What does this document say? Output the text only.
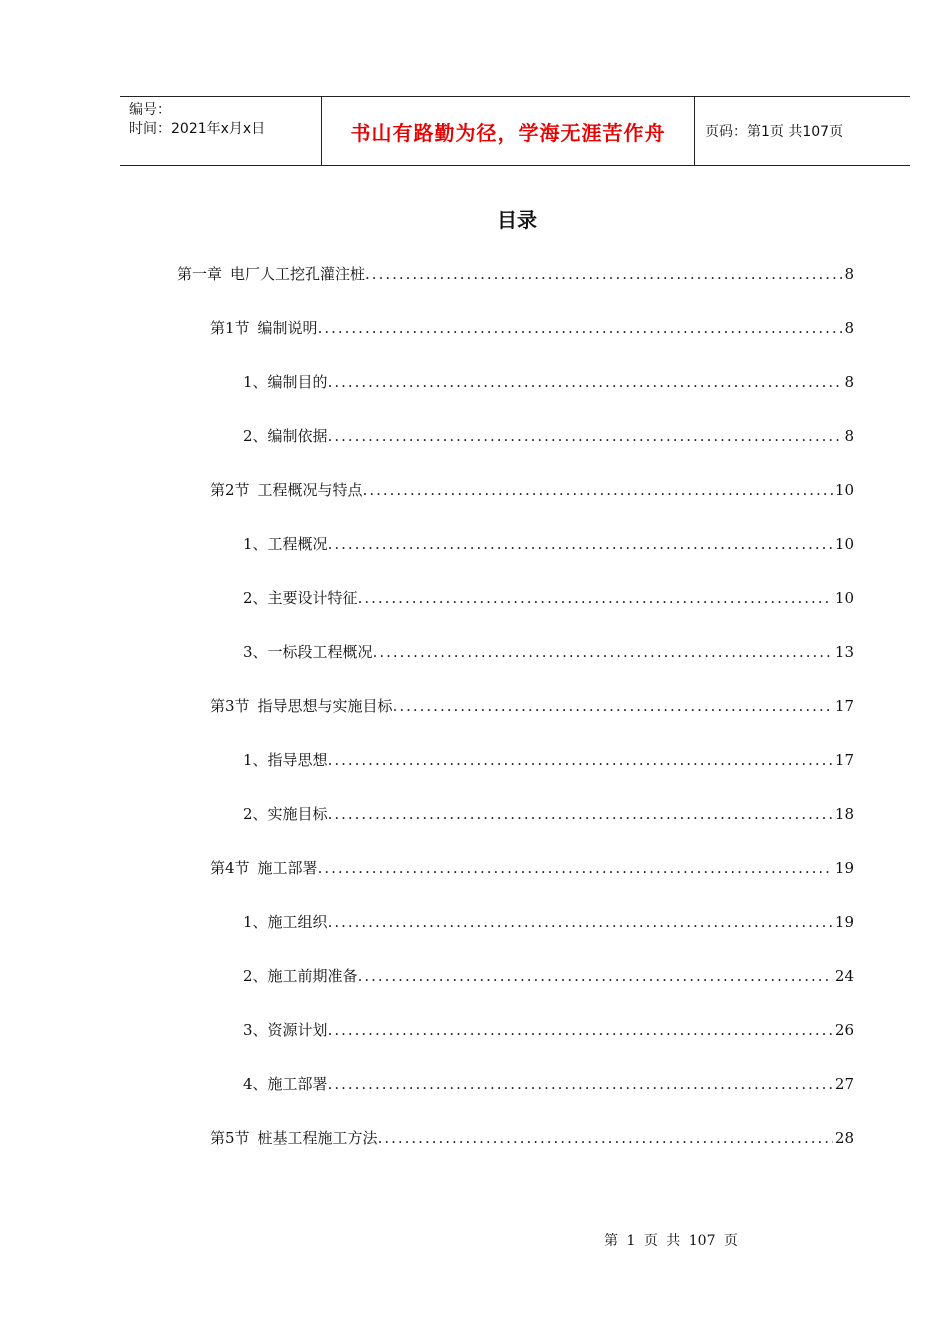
编号：
时间：2021年x月x日	书山有路勤为径，学海无涯苦作舟	页码：第1页 共107页
目录
第一章 电厂人工挖孔灌注桩 .....	8
第1节 编制说明 .....	8
1、 编制目的 .....	8
2、 编制依据 .....	8
第2节 工程概况与特点 .....	10
1、 工程概况 .....	10
2、 主要设计特征 .....	10
3、 一标段工程概况 .....	13
第3节 指导思想与实施目标 .....	17
1、 指导思想 .....	17
2、 实施目标 .....	18
第4节 施工部署 .....	19
1、 施工组织 .....	19
2、 施工前期准备 .....	24
3、 资源计划 .....	26
4、 施工部署 .....	27
第5节 桩基工程施工方法 .....	28
第 1 页 共 107 页
